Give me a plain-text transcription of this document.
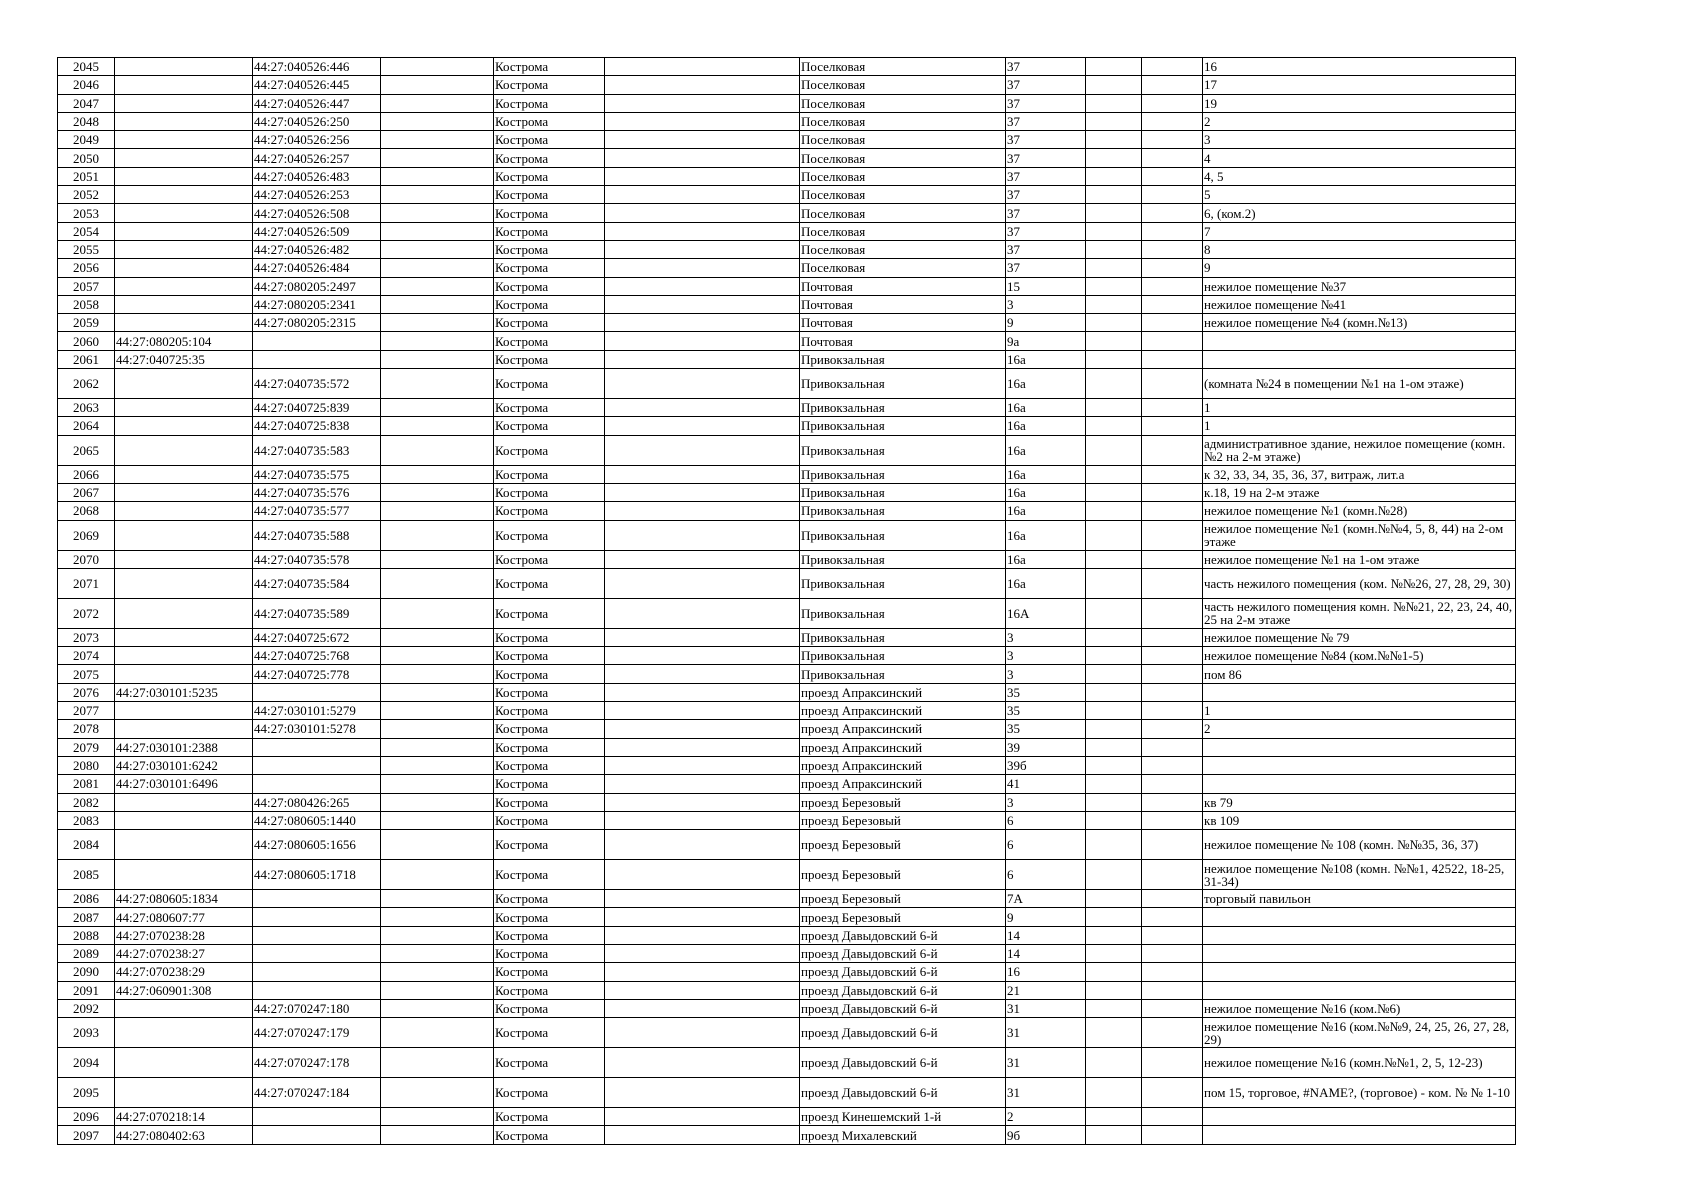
2045		44:27:040526:446		Кострома		Поселковая	37			16
2046		44:27:040526:445		Кострома		Поселковая	37			17
2047		44:27:040526:447		Кострома		Поселковая	37			19
2048		44:27:040526:250		Кострома		Поселковая	37			2
2049		44:27:040526:256		Кострома		Поселковая	37			3
2050		44:27:040526:257		Кострома		Поселковая	37			4
2051		44:27:040526:483		Кострома		Поселковая	37			4, 5
2052		44:27:040526:253		Кострома		Поселковая	37			5
2053		44:27:040526:508		Кострома		Поселковая	37			6, (ком.2)
2054		44:27:040526:509		Кострома		Поселковая	37			7
2055		44:27:040526:482		Кострома		Поселковая	37			8
2056		44:27:040526:484		Кострома		Поселковая	37			9
2057		44:27:080205:2497		Кострома		Почтовая	15			нежилое помещение №37
2058		44:27:080205:2341		Кострома		Почтовая	3			нежилое помещение №41
2059		44:27:080205:2315		Кострома		Почтовая	9			нежилое помещение №4 (комн.№13)
2060	44:27:080205:104			Кострома		Почтовая	9а			
2061	44:27:040725:35			Кострома		Привокзальная	16а			
2062		44:27:040735:572		Кострома		Привокзальная	16а			(комната №24 в помещении №1 на 1-ом этаже)
2063		44:27:040725:839		Кострома		Привокзальная	16а			1
2064		44:27:040725:838		Кострома		Привокзальная	16а			1
2065		44:27:040735:583		Кострома		Привокзальная	16а			административное здание, нежилое помещение (комн. №2 на 2-м этаже)
2066		44:27:040735:575		Кострома		Привокзальная	16а			к 32, 33, 34, 35, 36, 37, витраж, лит.а
2067		44:27:040735:576		Кострома		Привокзальная	16а			к.18, 19 на 2-м этаже
2068		44:27:040735:577		Кострома		Привокзальная	16а			нежилое помещение №1 (комн.№28)
2069		44:27:040735:588		Кострома		Привокзальная	16а			нежилое помещение №1 (комн.№№4, 5, 8, 44) на 2-ом этаже
2070		44:27:040735:578		Кострома		Привокзальная	16а			нежилое помещение №1 на 1-ом этаже
2071		44:27:040735:584		Кострома		Привокзальная	16а			часть нежилого помещения (ком. №№26, 27, 28, 29, 30)
2072		44:27:040735:589		Кострома		Привокзальная	16А			часть нежилого помещения комн. №№21, 22, 23, 24, 40, 25 на 2-м этаже
2073		44:27:040725:672		Кострома		Привокзальная	3			нежилое помещение № 79
2074		44:27:040725:768		Кострома		Привокзальная	3			нежилое помещение №84 (ком.№№1-5)
2075		44:27:040725:778		Кострома		Привокзальная	3			пом 86
2076	44:27:030101:5235			Кострома		проезд Апраксинский	35			
2077		44:27:030101:5279		Кострома		проезд Апраксинский	35			1
2078		44:27:030101:5278		Кострома		проезд Апраксинский	35			2
2079	44:27:030101:2388			Кострома		проезд Апраксинский	39			
2080	44:27:030101:6242			Кострома		проезд Апраксинский	39б			
2081	44:27:030101:6496			Кострома		проезд Апраксинский	41			
2082		44:27:080426:265		Кострома		проезд Березовый	3			кв 79
2083		44:27:080605:1440		Кострома		проезд Березовый	6			кв 109
2084		44:27:080605:1656		Кострома		проезд Березовый	6			нежилое помещение № 108 (комн. №№35, 36, 37)
2085		44:27:080605:1718		Кострома		проезд Березовый	6			нежилое помещение №108 (комн. №№1, 42522, 18-25, 31-34)
2086	44:27:080605:1834			Кострома		проезд Березовый	7А			торговый павильон
2087	44:27:080607:77			Кострома		проезд Березовый	9			
2088	44:27:070238:28			Кострома		проезд Давыдовский 6-й	14			
2089	44:27:070238:27			Кострома		проезд Давыдовский 6-й	14			
2090	44:27:070238:29			Кострома		проезд Давыдовский 6-й	16			
2091	44:27:060901:308			Кострома		проезд Давыдовский 6-й	21			
2092		44:27:070247:180		Кострома		проезд Давыдовский 6-й	31			нежилое помещение №16 (ком.№6)
2093		44:27:070247:179		Кострома		проезд Давыдовский 6-й	31			нежилое помещение №16 (ком.№№9, 24, 25, 26, 27, 28, 29)
2094		44:27:070247:178		Кострома		проезд Давыдовский 6-й	31			нежилое помещение №16 (комн.№№1, 2, 5, 12-23)
2095		44:27:070247:184		Кострома		проезд Давыдовский 6-й	31			пом 15, торговое, #NAME?, (торговое) - ком. № № 1-10
2096	44:27:070218:14			Кострома		проезд Кинешемский 1-й	2			
2097	44:27:080402:63			Кострома		проезд Михалевский	9б			
